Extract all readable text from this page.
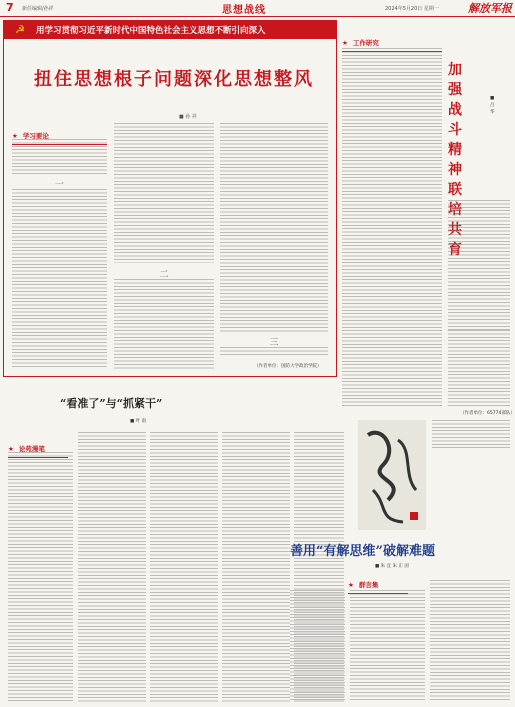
7 新任编辑/孙祥	思想战线	2024年5月20日 星期一	解放军报
☭	用学习贯彻习近平新时代中国特色社会主义思想不断引向深入
扭住思想根子问题深化思想整风
■ 孙 祥
★ 学习要论
一
二
三
（作者单位：国防大学政治学院）
★ 工作研究
加强战斗精神联培共育
■ 吕 华
（作者单位：65774部队）
“看准了”与“抓紧干”
■ 叶 南
★ 论苑漫笔
善用“有解思维”破解难题
■ 朱 宜 朱 正 国
★ 群言集
